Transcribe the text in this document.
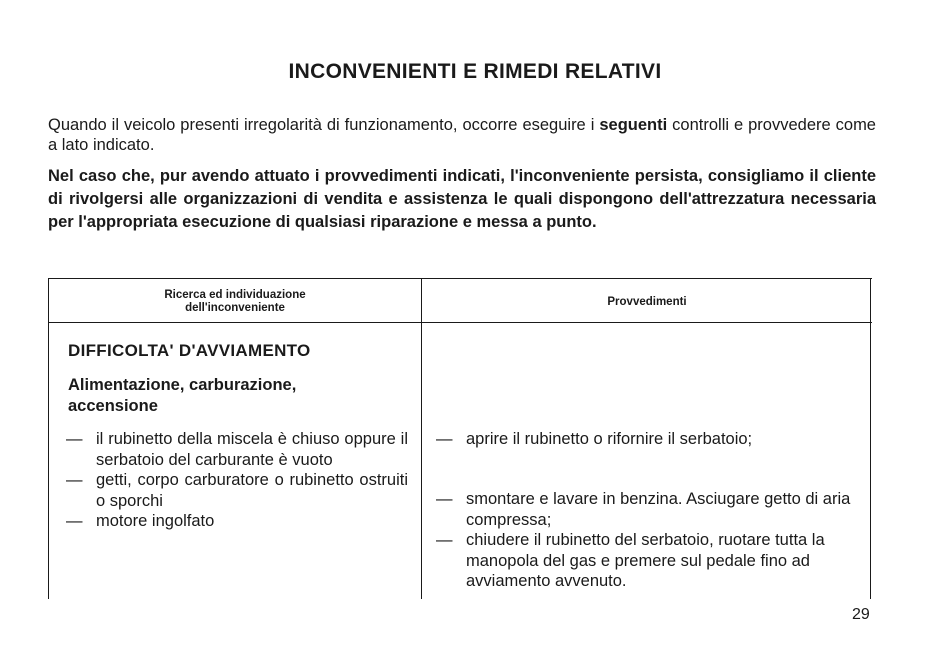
INCONVENIENTI E RIMEDI RELATIVI
Quando il veicolo presenti irregolarità di funzionamento, occorre eseguire i seguenti controlli e provvedere come a lato indicato.
Nel caso che, pur avendo attuato i provvedimenti indicati, l'inconveniente persista, consigliamo il cliente di rivolgersi alle organizzazioni di vendita e assistenza le quali dispongono dell'attrezzatura necessaria per l'appropriata esecuzione di qualsiasi riparazione e messa a punto.
Ricerca ed individuazione
dell'inconveniente	Provvedimenti
DIFFICOLTA' D'AVVIAMENTO
Alimentazione, carburazione, accensione
— il rubinetto della miscela è chiuso oppure il serbatoio del carburante è vuoto
— getti, corpo carburatore o rubinetto ostruiti o sporchi
— motore ingolfato
— aprire il rubinetto o rifornire il serbatoio;
— smontare e lavare in benzina. Asciugare getto di aria compressa;
— chiudere il rubinetto del serbatoio, ruotare tutta la manopola del gas e premere sul pedale fino ad avviamento avvenuto.
29
